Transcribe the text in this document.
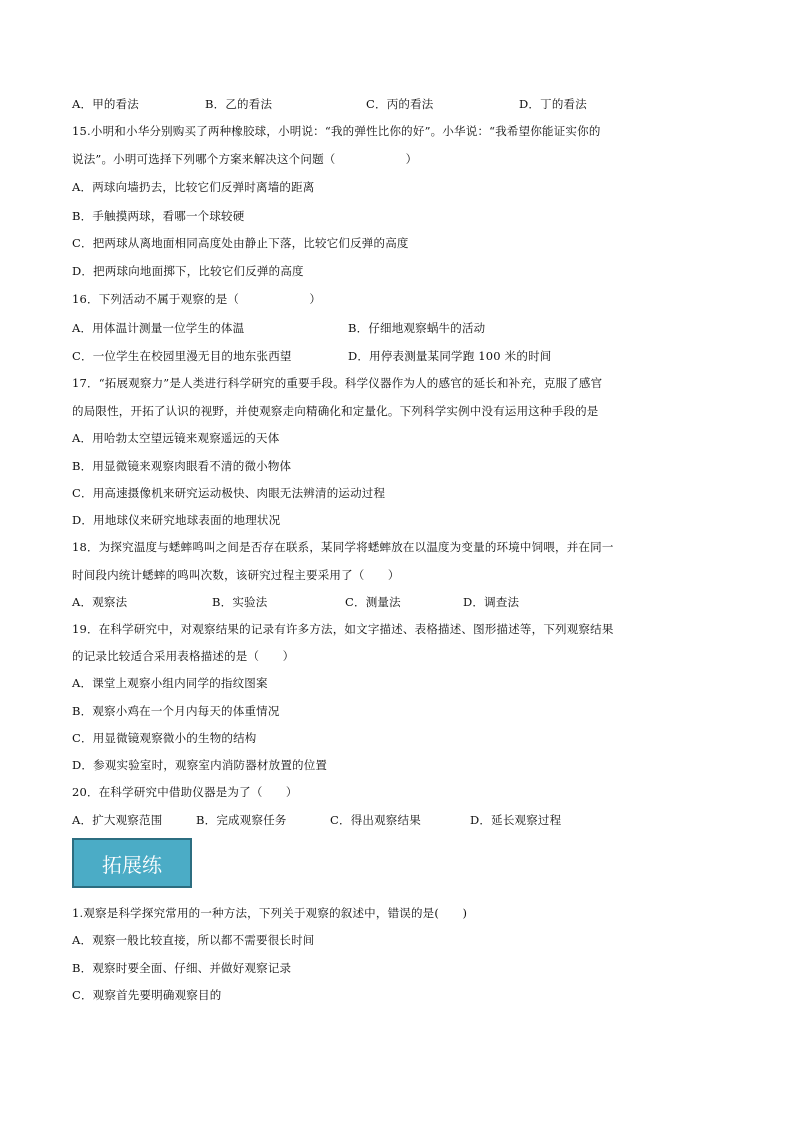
A．甲的看法	B．乙的看法	C．丙的看法	D．丁的看法
15.小明和小华分别购买了两种橡胶球，小明说：“我的弹性比你的好”。小华说：“我希望你能证实你的
说法”。小明可选择下列哪个方案来解决这个问题（　　　　　　）
A．两球向墙扔去，比较它们反弹时离墙的距离
B．手触摸两球，看哪一个球较硬
C．把两球从离地面相同高度处由静止下落，比较它们反弹的高度
D．把两球向地面掷下，比较它们反弹的高度
16．下列活动不属于观察的是（　　　　　　）
A．用体温计测量一位学生的体温	B．仔细地观察蜗牛的活动
C．一位学生在校园里漫无目的地东张西望	D．用停表测量某同学跑 100 米的时间
17．“拓展观察力”是人类进行科学研究的重要手段。科学仪器作为人的感官的延长和补充，克服了感官
的局限性，开拓了认识的视野，并使观察走向精确化和定量化。下列科学实例中没有运用这种手段的是
A．用哈勃太空望远镜来观察遥远的天体
B．用显微镜来观察肉眼看不清的微小物体
C．用高速摄像机来研究运动极快、肉眼无法辨清的运动过程
D．用地球仪来研究地球表面的地理状况
18．为探究温度与蟋蟀鸣叫之间是否存在联系，某同学将蟋蟀放在以温度为变量的环境中饲喂，并在同一
时间段内统计蟋蟀的鸣叫次数，该研究过程主要采用了（　　）
A．观察法	B．实验法	C．测量法	D．调查法
19．在科学研究中，对观察结果的记录有许多方法，如文字描述、表格描述、图形描述等，下列观察结果
的记录比较适合采用表格描述的是（　　）
A．课堂上观察小组内同学的指纹图案
B．观察小鸡在一个月内每天的体重情况
C．用显微镜观察微小的生物的结构
D．参观实验室时，观察室内消防器材放置的位置
20．在科学研究中借助仪器是为了（　　）
A．扩大观察范围	B．完成观察任务	C．得出观察结果	D．延长观察过程
拓展练
1.观察是科学探究常用的一种方法，下列关于观察的叙述中，错误的是(　　)
A．观察一般比较直接，所以都不需要很长时间
B．观察时要全面、仔细、并做好观察记录
C．观察首先要明确观察目的
